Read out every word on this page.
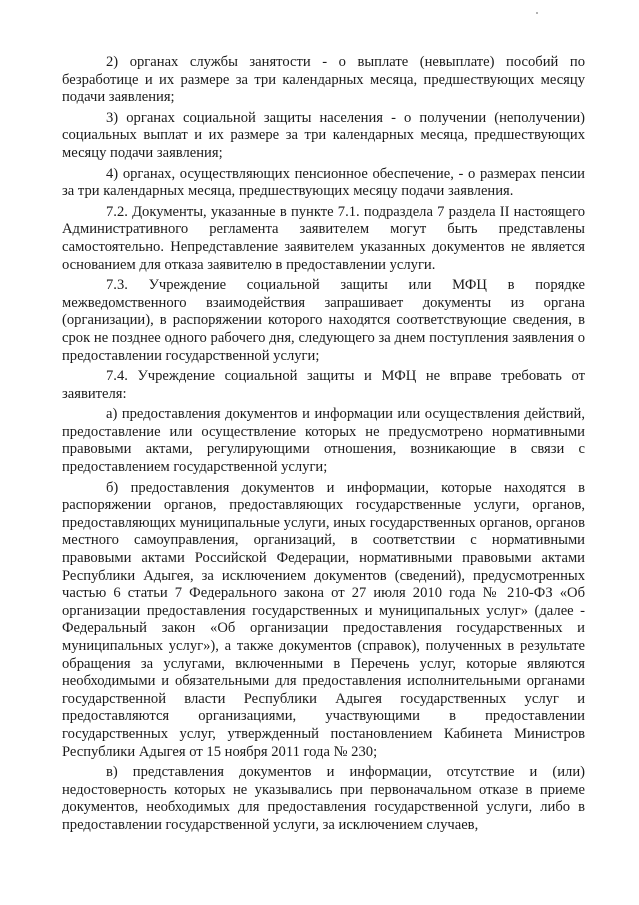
2) органах службы занятости - о выплате (невыплате) пособий по безработице и их размере за три календарных месяца, предшествующих месяцу подачи заявления;

3) органах социальной защиты населения - о получении (неполучении) социальных выплат и их размере за три календарных месяца, предшествующих месяцу подачи заявления;

4) органах, осуществляющих пенсионное обеспечение, - о размерах пенсии за три календарных месяца, предшествующих месяцу подачи заявления.

7.2. Документы, указанные в пункте 7.1. подраздела 7 раздела II настоящего Административного регламента заявителем могут быть представлены самостоятельно. Непредставление заявителем указанных документов не является основанием для отказа заявителю в предоставлении услуги.

7.3. Учреждение социальной защиты или МФЦ в порядке межведомственного взаимодействия запрашивает документы из органа (организации), в распоряжении которого находятся соответствующие сведения, в срок не позднее одного рабочего дня, следующего за днем поступления заявления о предоставлении государственной услуги;

7.4. Учреждение социальной защиты и МФЦ не вправе требовать от заявителя:

а) предоставления документов и информации или осуществления действий, предоставление или осуществление которых не предусмотрено нормативными правовыми актами, регулирующими отношения, возникающие в связи с предоставлением государственной услуги;

б) предоставления документов и информации, которые находятся в распоряжении органов, предоставляющих государственные услуги, органов, предоставляющих муниципальные услуги, иных государственных органов, органов местного самоуправления, организаций, в соответствии с нормативными правовыми актами Российской Федерации, нормативными правовыми актами Республики Адыгея, за исключением документов (сведений), предусмотренных частью 6 статьи 7 Федерального закона от 27 июля 2010 года № 210-ФЗ «Об организации предоставления государственных и муниципальных услуг» (далее - Федеральный закон «Об организации предоставления государственных и муниципальных услуг»), а также документов (справок), полученных в результате обращения за услугами, включенными в Перечень услуг, которые являются необходимыми и обязательными для предоставления исполнительными органами государственной власти Республики Адыгея государственных услуг и предоставляются организациями, участвующими в предоставлении государственных услуг, утвержденный постановлением Кабинета Министров Республики Адыгея от 15 ноября 2011 года № 230;

в) представления документов и информации, отсутствие и (или) недостоверность которых не указывались при первоначальном отказе в приеме документов, необходимых для предоставления государственной услуги, либо в предоставлении государственной услуги, за исключением случаев,
